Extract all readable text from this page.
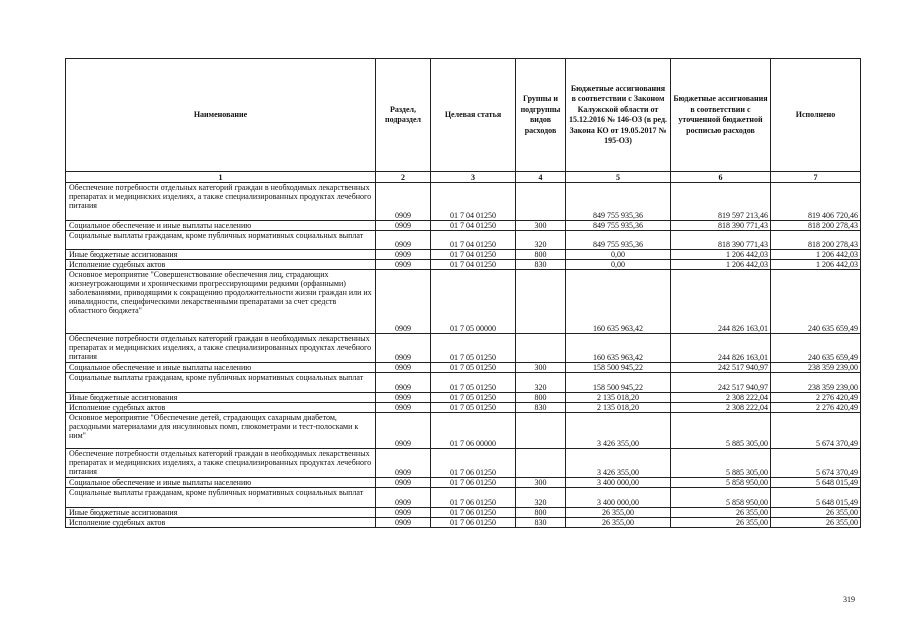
Наименование	Раздел, подраздел	Целевая статья	Группы и подгруппы видов расходов	Бюджетные ассигнования в соответствии с Законом Калужской области от 15.12.2016 № 146-ОЗ (в ред. Закона КО от 19.05.2017 № 195-ОЗ)	Бюджетные ассигнования в соответствии с уточненной бюджетной росписью расходов	Исполнено
1	2	3	4	5	6	7
Обеспечение потребности отдельных категорий граждан в необходимых лекарственных препаратах и медицинских изделиях, а также специализированных продуктах лечебного питания	0909	01 7 04 01250		849 755 935,36	819 597 213,46	819 406 720,46
Социальное обеспечение и иные выплаты населению	0909	01 7 04 01250	300	849 755 935,36	818 390 771,43	818 200 278,43
Социальные выплаты гражданам, кроме публичных нормативных социальных выплат	0909	01 7 04 01250	320	849 755 935,36	818 390 771,43	818 200 278,43
Иные бюджетные ассигнования	0909	01 7 04 01250	800	0,00	1 206 442,03	1 206 442,03
Исполнение судебных актов	0909	01 7 04 01250	830	0,00	1 206 442,03	1 206 442,03
Основное мероприятие "Совершенствование обеспечения лиц, страдающих жизнеугрожающими и хроническими прогрессирующими редкими (орфанными) заболеваниями, приводящими к сокращению продолжительности жизни граждан или их инвалидности, специфическими лекарственными препаратами за счет средств областного бюджета"	0909	01 7 05 00000		160 635 963,42	244 826 163,01	240 635 659,49
Обеспечение потребности отдельных категорий граждан в необходимых лекарственных препаратах и медицинских изделиях, а также специализированных продуктах лечебного питания	0909	01 7 05 01250		160 635 963,42	244 826 163,01	240 635 659,49
Социальное обеспечение и иные выплаты населению	0909	01 7 05 01250	300	158 500 945,22	242 517 940,97	238 359 239,00
Социальные выплаты гражданам, кроме публичных нормативных социальных выплат	0909	01 7 05 01250	320	158 500 945,22	242 517 940,97	238 359 239,00
Иные бюджетные ассигнования	0909	01 7 05 01250	800	2 135 018,20	2 308 222,04	2 276 420,49
Исполнение судебных актов	0909	01 7 05 01250	830	2 135 018,20	2 308 222,04	2 276 420,49
Основное мероприятие "Обеспечение детей, страдающих сахарным диабетом, расходными материалами для инсулиновых помп, глюкометрами и тест-полосками к ним"	0909	01 7 06 00000		3 426 355,00	5 885 305,00	5 674 370,49
Обеспечение потребности отдельных категорий граждан в необходимых лекарственных препаратах и медицинских изделиях, а также специализированных продуктах лечебного питания	0909	01 7 06 01250		3 426 355,00	5 885 305,00	5 674 370,49
Социальное обеспечение и иные выплаты населению	0909	01 7 06 01250	300	3 400 000,00	5 858 950,00	5 648 015,49
Социальные выплаты гражданам, кроме публичных нормативных социальных выплат	0909	01 7 06 01250	320	3 400 000,00	5 858 950,00	5 648 015,49
Иные бюджетные ассигнования	0909	01 7 06 01250	800	26 355,00	26 355,00	26 355,00
Исполнение судебных актов	0909	01 7 06 01250	830	26 355,00	26 355,00	26 355,00
319
